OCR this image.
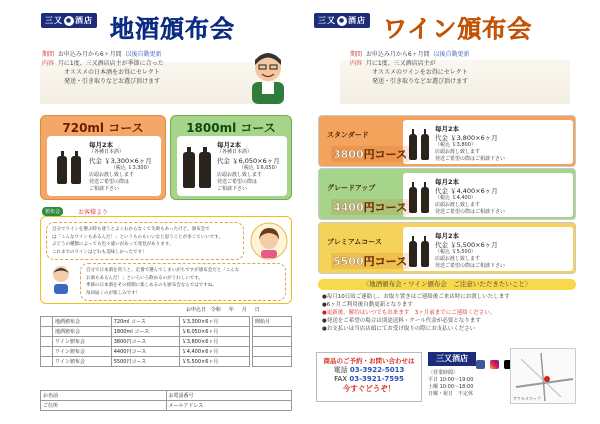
三又 ● 酒店 地酒頒布会
期間 お申込み月から6ヶ月間 以後自動更新
内容 月に1度、三又酒店店主が季節に合った
オススメの日本酒をお得にセレクト
発送・引き取りなどお選び頂けます
720ml コース
毎月2本
（各種日本酒）
代金 ￥3,300×6ヶ月
（税込 ￥3,300）
店頭お渡し致します
発送ご希望の際は
ご相談下さい
1800ml コース
毎月2本
（各種日本酒）
代金 ￥6,050×6ヶ月
（税込 ￥6,050）
店頭お渡し致します
発送ご希望の際は
ご相談下さい
頒布会	お客様より
自分でワインを選ぶ時も迷うとよくわからなくて失敗もあったけど、頒布会で
は「こんなワインもあるんだ！」というものもいいなと思うことが多くていいです。
ぶどうの種類によっても色々違いがあって発見があります。
これまでのワインはどれも美味しかったです！
自分で日本酒を買うと、定番で選んでしまいがちですが頒布会だと「こんな
お酒もあるんだ！」といろいろ飲めるのがうれしいです。
季節の日本酒をその時期に楽しめるのも頒布会ならではですね。
毎回届くのが楽しみです！
お申込日 令和 年 月 日
	地酒頒布会	720ml コース	￥3,300×6ヶ月
	地酒頒布会	1800ml コース	￥6,050×6ヶ月
	ワイン頒布会	3800円コース	￥3,800×6ヶ月
	ワイン頒布会	4400円コース	￥4,400×6ヶ月
	ワイン頒布会	5500円コース	￥5,500×6ヶ月
開始月

お名前	お電話番号
ご住所	メールアドレス
三又 ● 酒店 ワイン頒布会
期間 お申込み月から6ヶ月間 以後自動更新
内容 月に1度、三又酒店店主が
オススメのワインをお得にセレクト
発送・引き取りなどお選び頂けます
スタンダード
3800円コース
毎月2本
代金 ￥3,800×6ヶ月
（税込 ￥3,800）
店頭お渡し致します
発送ご希望の際はご相談下さい
グレードアップ
4400円コース
毎月2本
代金 ￥4,400×6ヶ月
（税込 ￥4,400）
店頭お渡し致します
発送ご希望の際はご相談下さい
プレミアムコース
5500円コース
毎月2本
代金 ￥5,500×6ヶ月
（税込 ￥5,500）
店頭お渡し致します
発送ご希望の際はご相談下さい
〈地酒頒布会・ワイン頒布会　ご注意いただきたいこと〉
●毎月10日頃ご連絡し、お取り置きはご連絡後ご来店時にお渡しいたします
●6ヶ月ご利用後自動更新となります
●更新後、解約はいつでも出来ます　3ヶ月前までにご連絡ください。
●発送をご希望の場合は別途送料・クール代金が必要となります
●お支払いは当店店頭にてお受け取りの際にお支払いください
商品のご予約・お問い合わせは
電話 03-3922-5013
FAX 03-3921-7595
今すぐどうぞ！
三又酒店

〈営業時間〉
平日 10:00〜19:00
土曜 10:00〜18:00
日曜・祝日　不定休
アクセスマップ
